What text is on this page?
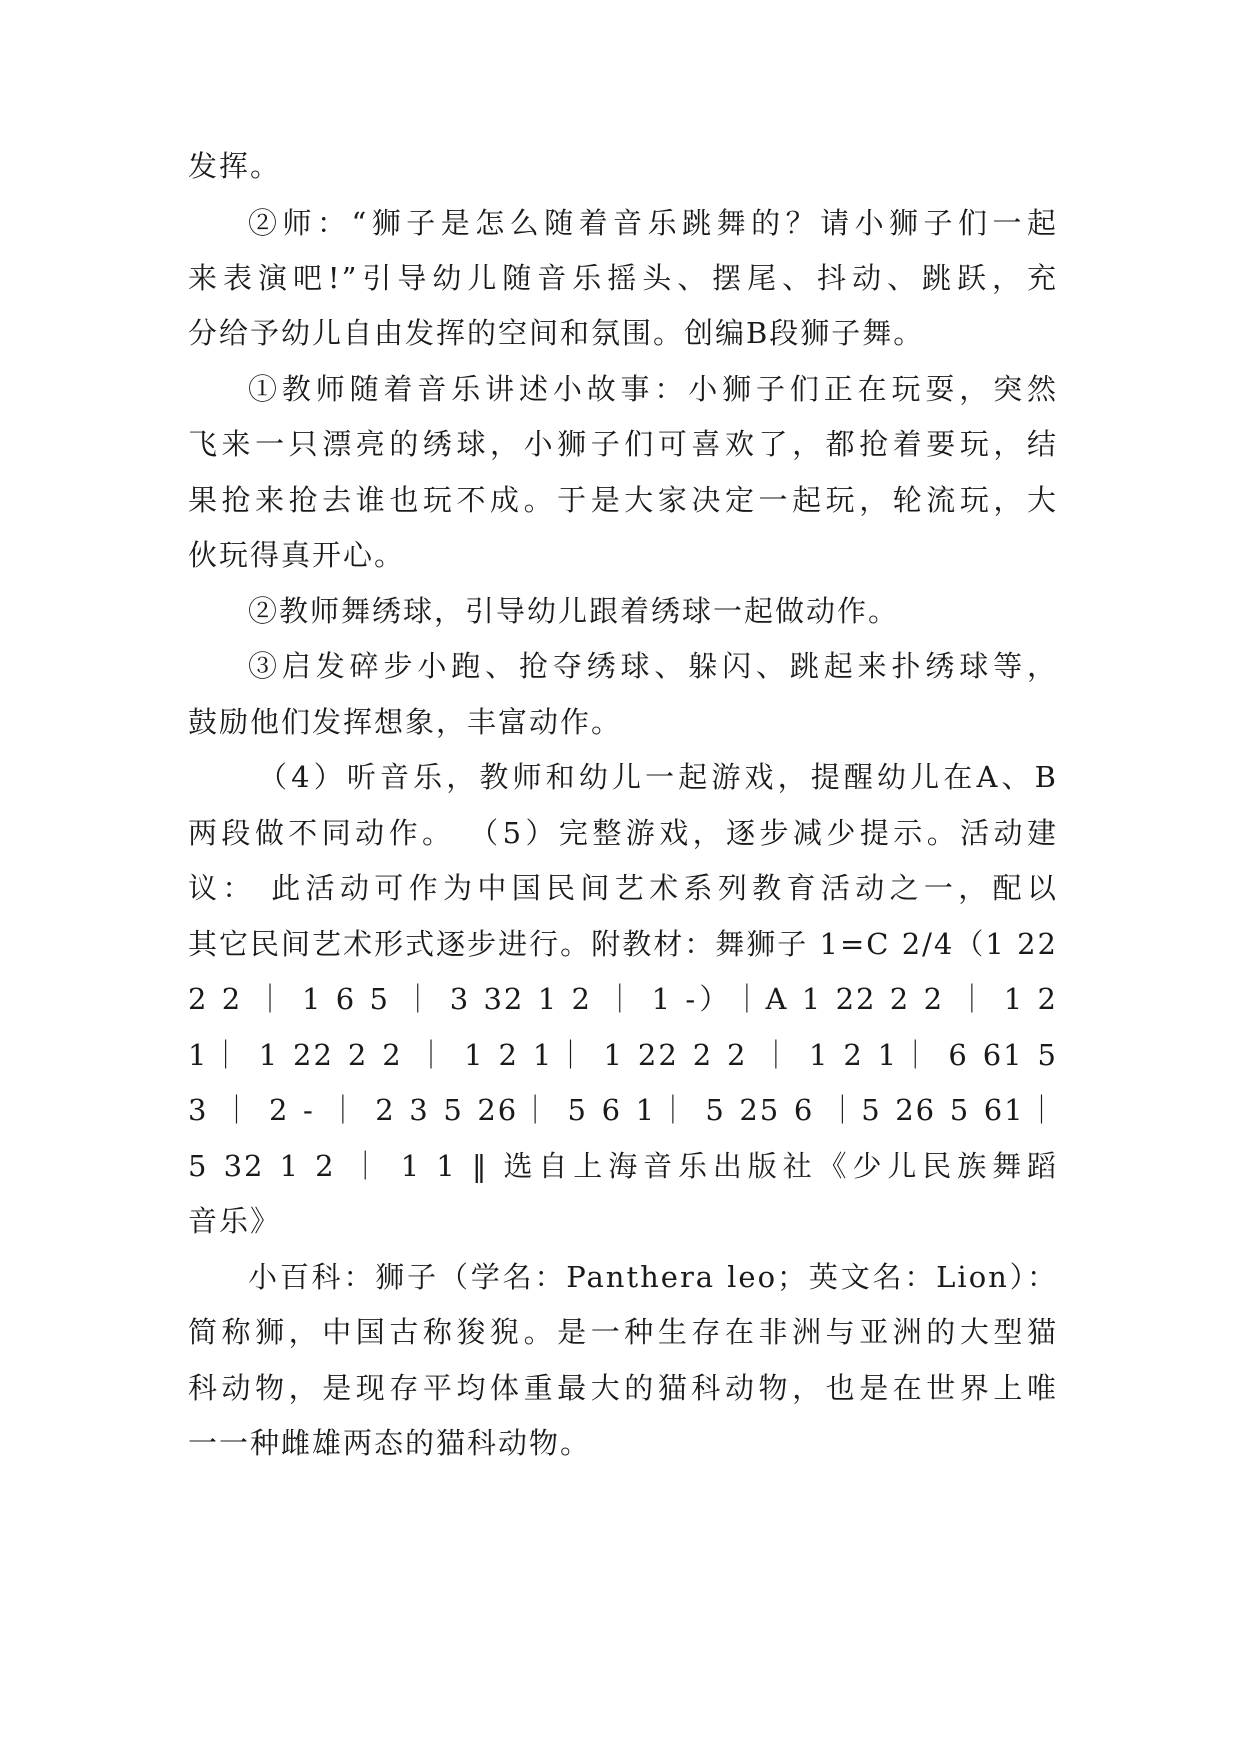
发挥。
②师：“狮子是怎么随着音乐跳舞的？请小狮子们一起
来表演吧!”引导幼儿随音乐摇头、摆尾、抖动、跳跃，充
分给予幼儿自由发挥的空间和氛围。创编B段狮子舞。
①教师随着音乐讲述小故事：小狮子们正在玩耍，突然
飞来一只漂亮的绣球，小狮子们可喜欢了，都抢着要玩，结
果抢来抢去谁也玩不成。于是大家决定一起玩，轮流玩，大
伙玩得真开心。
②教师舞绣球，引导幼儿跟着绣球一起做动作。
③启发碎步小跑、抢夺绣球、躲闪、跳起来扑绣球等，
鼓励他们发挥想象，丰富动作。
（4）听音乐，教师和幼儿一起游戏，提醒幼儿在A、B
两段做不同动作。 （5）完整游戏，逐步减少提示。活动建
议： 此活动可作为中国民间艺术系列教育活动之一，配以
其它民间艺术形式逐步进行。附教材：舞狮子 1=C 2/4（1 22
2 2 ｜ 1 6 5 ｜ 3 32 1 2 ｜ 1 -）｜A 1 22 2 2 ｜ 1 2
1｜ 1 22 2 2 ｜ 1 2 1｜ 1 22 2 2 ｜ 1 2 1｜ 6 61 5
3 ｜ 2 - ｜ 2 3 5 26｜ 5 6 1｜ 5 25 6 ｜5 26 5 61｜
5 32 1 2 ｜ 1 1 ‖ 选自上海音乐出版社《少儿民族舞蹈
音乐》
小百科：狮子（学名：Panthera leo；英文名：Lion）：
简称狮，中国古称狻猊。是一种生存在非洲与亚洲的大型猫
科动物，是现存平均体重最大的猫科动物，也是在世界上唯
一一种雌雄两态的猫科动物。
